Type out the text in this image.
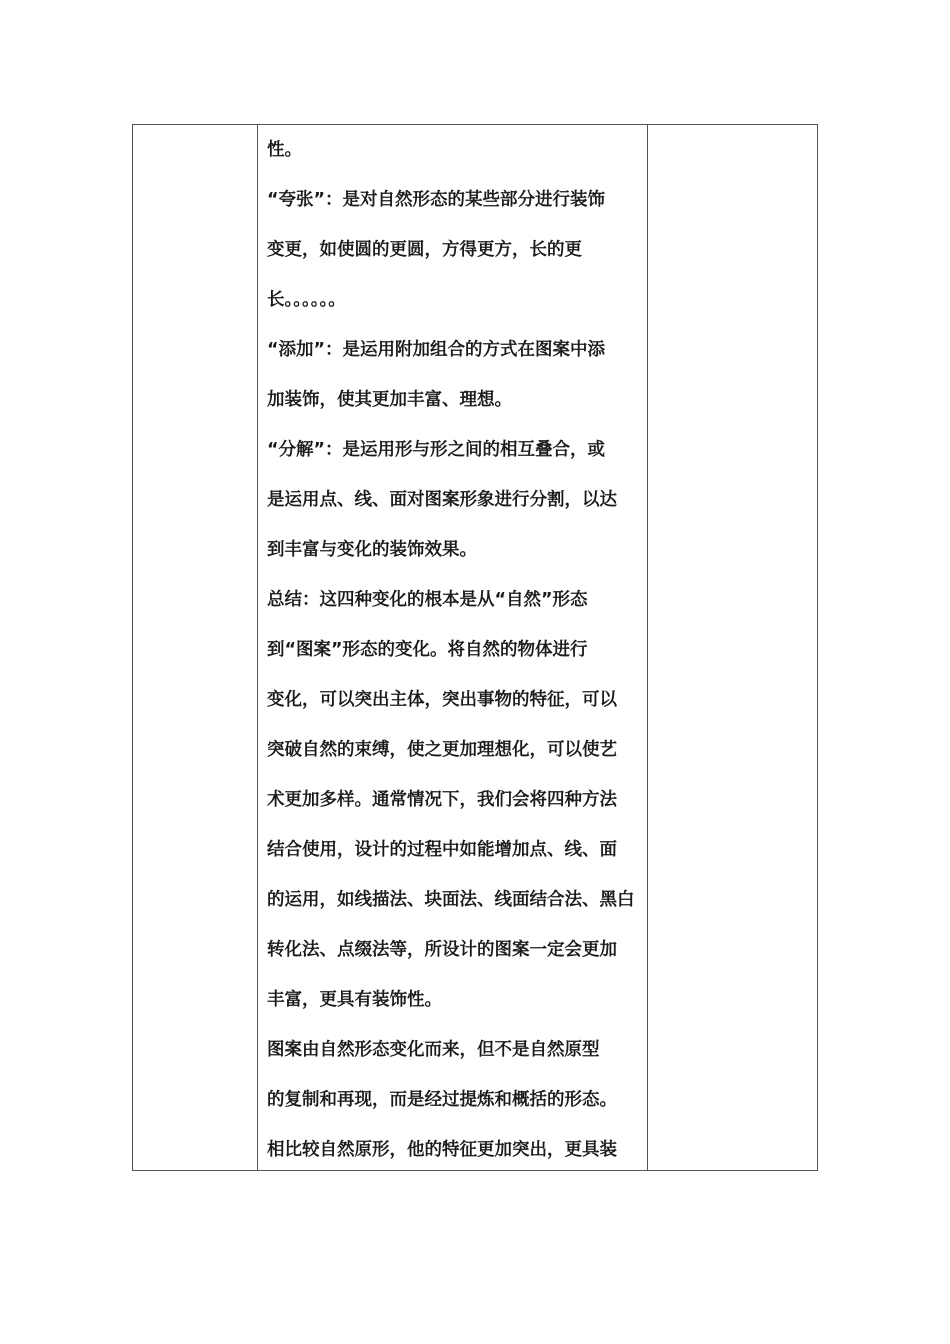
性。
“夸张”：是对自然形态的某些部分进行装饰
变更，如使圆的更圆，方得更方，长的更
长。。。。。。
“添加”：是运用附加组合的方式在图案中添
加装饰，使其更加丰富、理想。
“分解”：是运用形与形之间的相互叠合，或
是运用点、线、面对图案形象进行分割，以达
到丰富与变化的装饰效果。
总结：这四种变化的根本是从“自然”形态
到“图案”形态的变化。将自然的物体进行
变化，可以突出主体，突出事物的特征，可以
突破自然的束缚，使之更加理想化，可以使艺
术更加多样。通常情况下，我们会将四种方法
结合使用，设计的过程中如能增加点、线、面
的运用，如线描法、块面法、线面结合法、黑白
转化法、点缀法等，所设计的图案一定会更加
丰富，更具有装饰性。
图案由自然形态变化而来，但不是自然原型
的复制和再现，而是经过提炼和概括的形态。
相比较自然原形，他的特征更加突出，更具装
